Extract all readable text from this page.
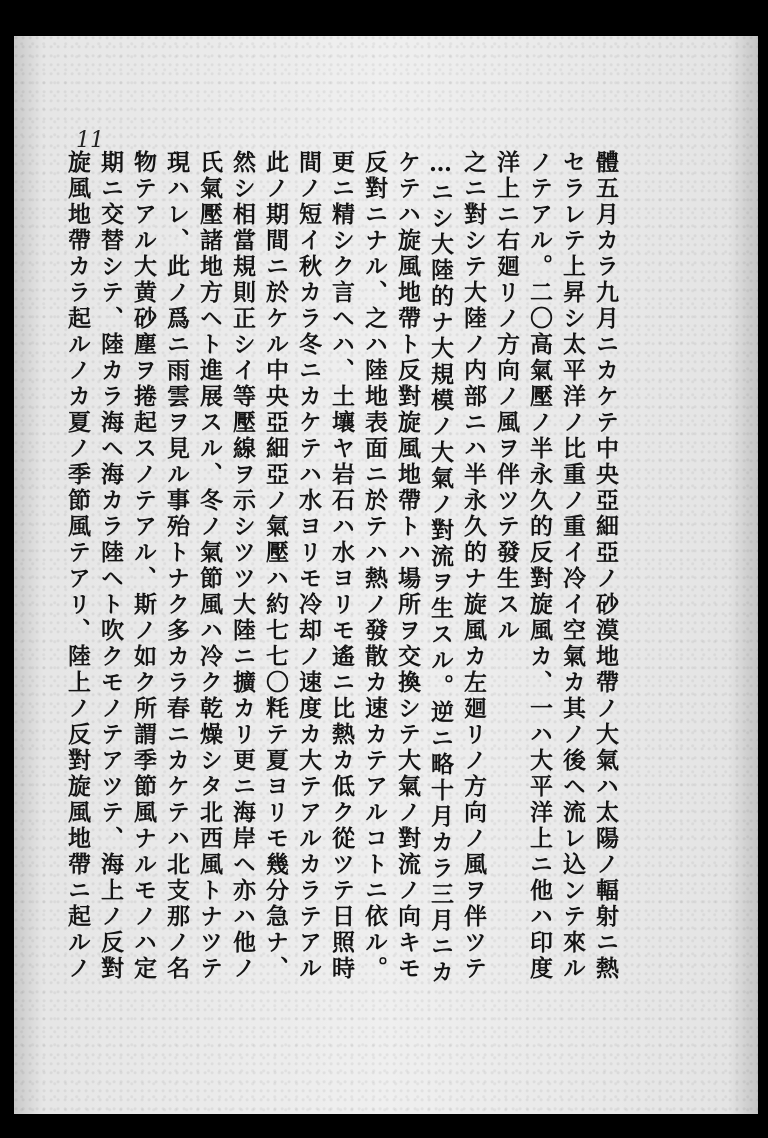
11
體五月カラ九月ニカケテ中央亞細亞ノ砂漠地帶ノ大氣ハ太陽ノ輻射ニ熱
セラレテ上昇シ太平洋ノ比重ノ重イ冷イ空氣カ其ノ後ヘ流レ込ンテ來ル
ノテアル。二〇高氣壓ノ半永久的反對旋風カ、一ハ大平洋上ニ他ハ印度
洋上ニ右廻リノ方向ノ風ヲ伴ツテ發生スル
之ニ對シテ大陸ノ内部ニハ半永久的ナ旋風カ左廻リノ方向ノ風ヲ伴ツテ
…ニシ大陸的ナ大規模ノ大氣ノ對流ヲ生スル。逆ニ略十月カラ三月ニカ
ケテハ旋風地帶ト反對旋風地帶トハ場所ヲ交換シテ大氣ノ對流ノ向キモ
反對ニナル、之ハ陸地表面ニ於テハ熱ノ發散カ速カテアルコトニ依ル。
更ニ精シク言ヘハ、土壤ヤ岩石ハ水ヨリモ遙ニ比熱カ低ク從ツテ日照時
間ノ短イ秋カラ冬ニカケテハ水ヨリモ冷却ノ速度カ大テアルカラテアル
此ノ期間ニ於ケル中央亞細亞ノ氣壓ハ約七七〇粍テ夏ヨリモ幾分急ナ、
然シ相當規則正シイ等壓線ヲ示シツツ大陸ニ擴カリ更ニ海岸ヘ亦ハ他ノ
氏氣壓諸地方ヘト進展スル、冬ノ氣節風ハ冷ク乾燥シタ北西風トナツテ
現ハレ、此ノ爲ニ雨雲ヲ見ル事殆トナク多カラ春ニカケテハ北支那ノ名
物テアル大黄砂塵ヲ捲起スノテアル、斯ノ如ク所謂季節風ナルモノハ定
期ニ交替シテ、陸カラ海ヘ海カラ陸ヘト吹クモノテアツテ、海上ノ反對
旋風地帶カラ起ルノカ夏ノ季節風テアリ、陸上ノ反對旋風地帶ニ起ルノ
